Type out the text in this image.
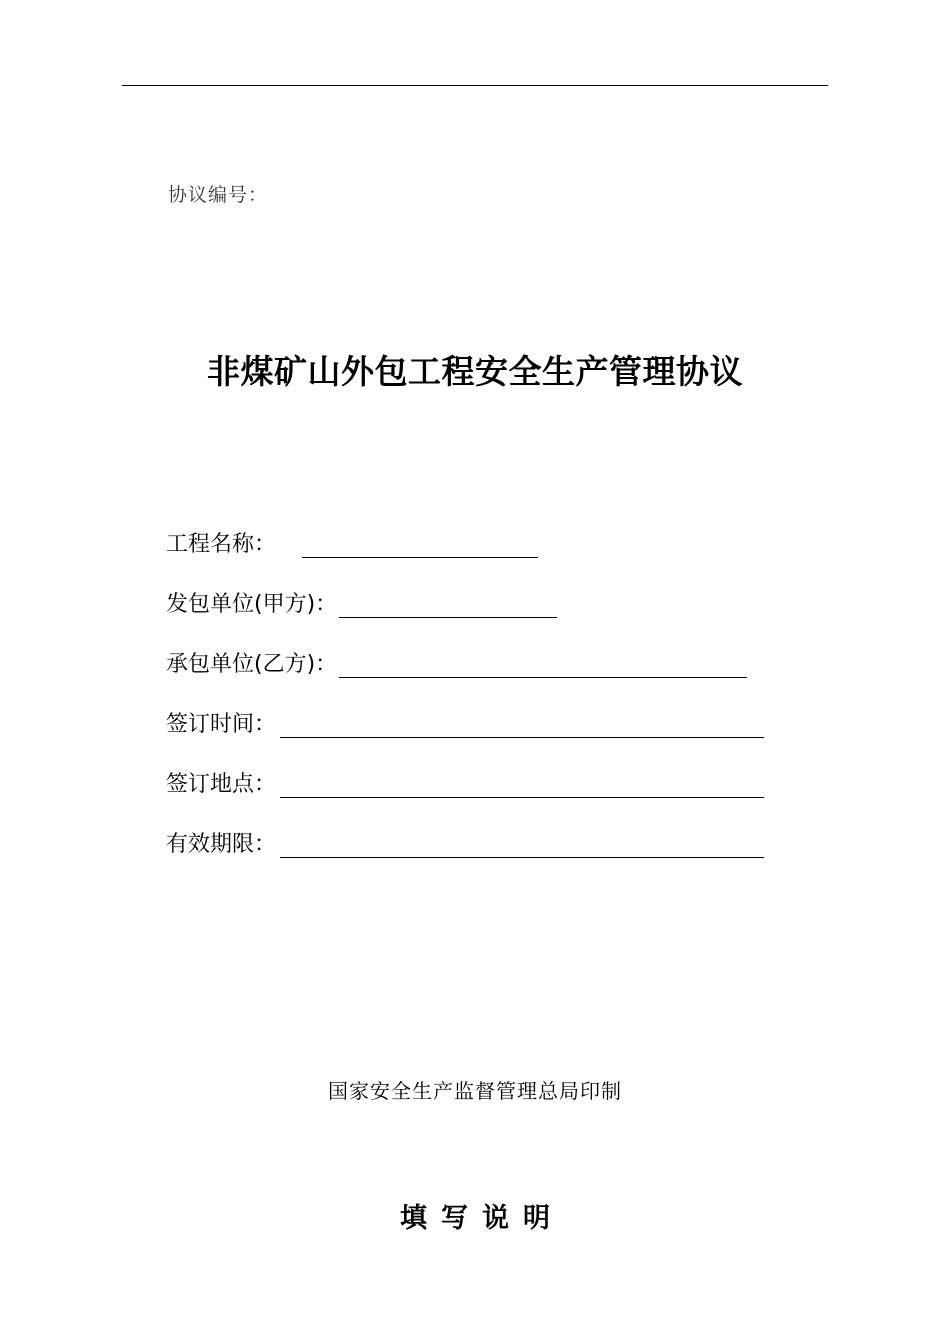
协议编号：
非煤矿山外包工程安全生产管理协议
工程名称：
发包单位(甲方)：
承包单位(乙方)：
签订时间：
签订地点：
有效期限：
国家安全生产监督管理总局印制
填写说明
